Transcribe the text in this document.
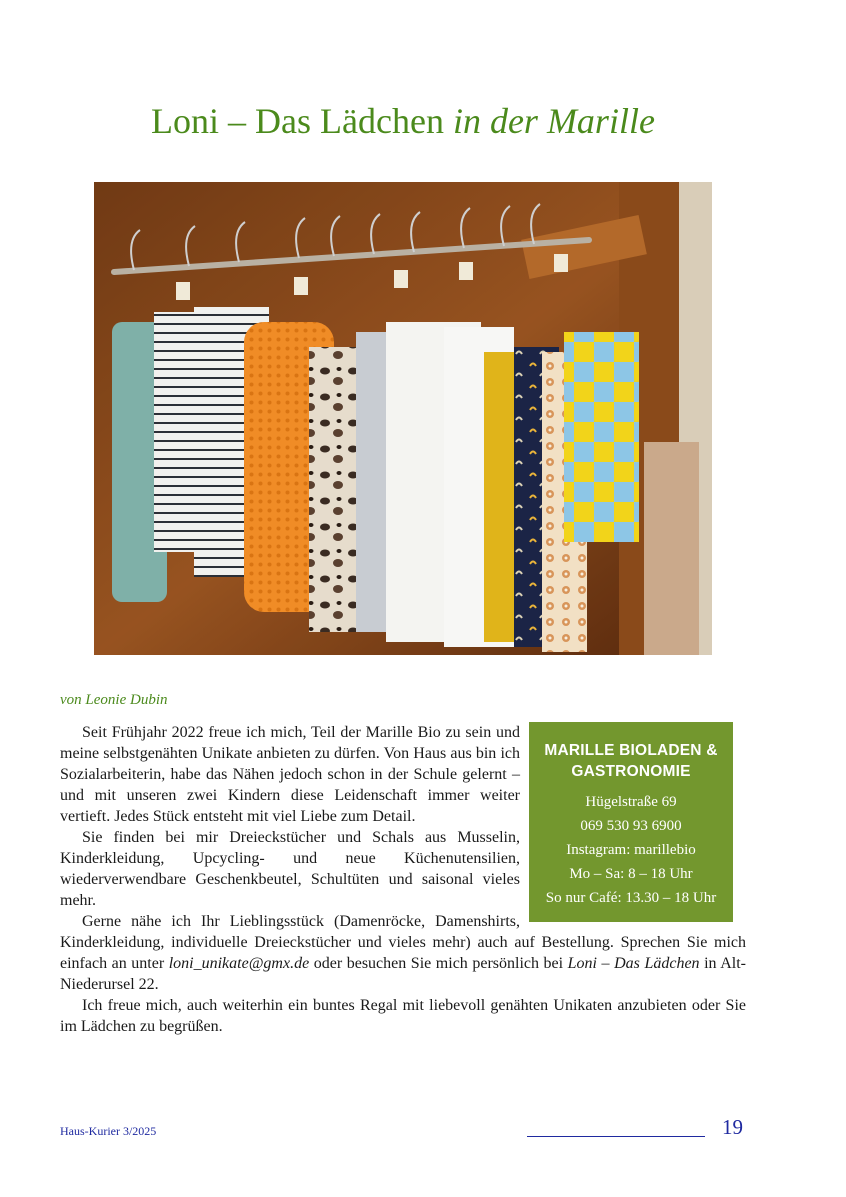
Loni – Das Lädchen in der Marille
von Leonie Dubin
MARILLE BIOLADEN & GASTRONOMIE
Hügelstraße 69
069 530 93 6900
Instagram: marillebio
Mo – Sa: 8 – 18 Uhr
So nur Café: 13.30 – 18 Uhr

Seit Frühjahr 2022 freue ich mich, Teil der Marille Bio zu sein und meine selbstgenähten Unikate anbieten zu dürfen. Von Haus aus bin ich Sozialarbeiterin, habe das Nähen jedoch schon in der Schule gelernt – und mit unseren zwei Kindern diese Leidenschaft immer weiter vertieft. Jedes Stück entsteht mit viel Liebe zum Detail.

Sie finden bei mir Dreieckstücher und Schals aus Musselin, Kinderkleidung, Upcycling- und neue Küchenutensilien, wiederverwendbare Geschenkbeutel, Schultüten und saisonal vieles mehr.

Gerne nähe ich Ihr Lieblingsstück (Damenröcke, Damenshirts, Kinderkleidung, individuelle Dreieckstücher und vieles mehr) auch auf Bestellung. Sprechen Sie mich einfach an unter loni_unikate@gmx.de oder besuchen Sie mich persönlich bei Loni – Das Lädchen in Alt-Niederursel 22.

Ich freue mich, auch weiterhin ein buntes Regal mit liebevoll genähten Unikaten anzubieten oder Sie im Lädchen zu begrüßen.

Haus-Kurier 3/2025	19
